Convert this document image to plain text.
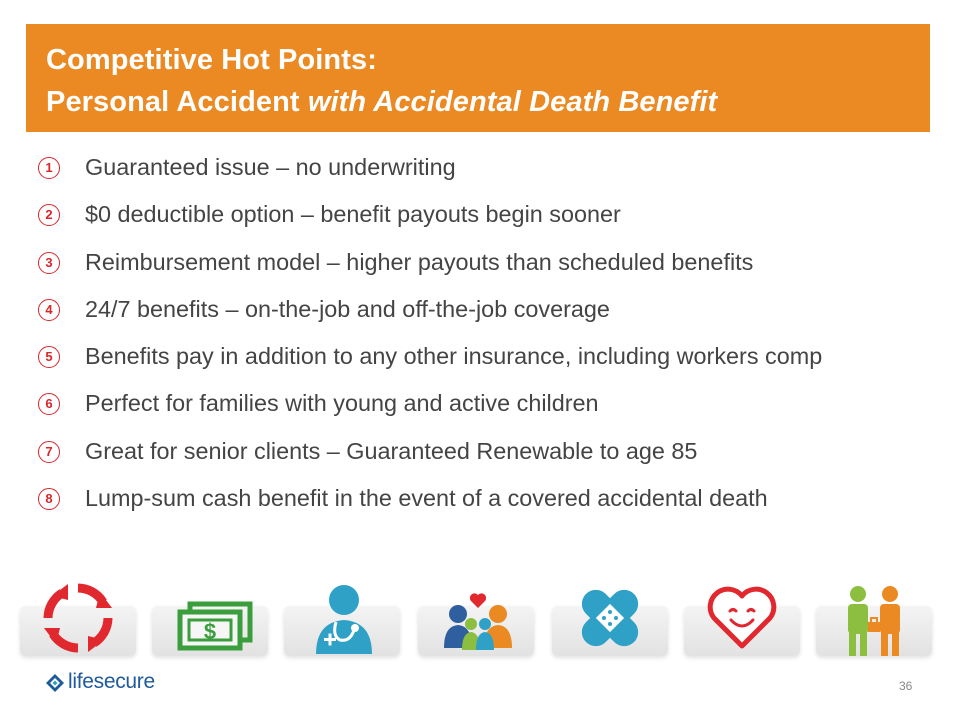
Competitive Hot Points:
Personal Accident with Accidental Death Benefit
1	Guaranteed issue – no underwriting
2	$0 deductible option – benefit payouts begin sooner
3	Reimbursement model – higher payouts than scheduled benefits
4	24/7 benefits – on-the-job and off-the-job coverage
5	Benefits pay in addition to any other insurance, including workers comp
6	Perfect for families with young and active children
7	Great for senior clients – Guaranteed Renewable to age 85
8	Lump-sum cash benefit in the event of a covered accidental death
$
lifesecure	36
